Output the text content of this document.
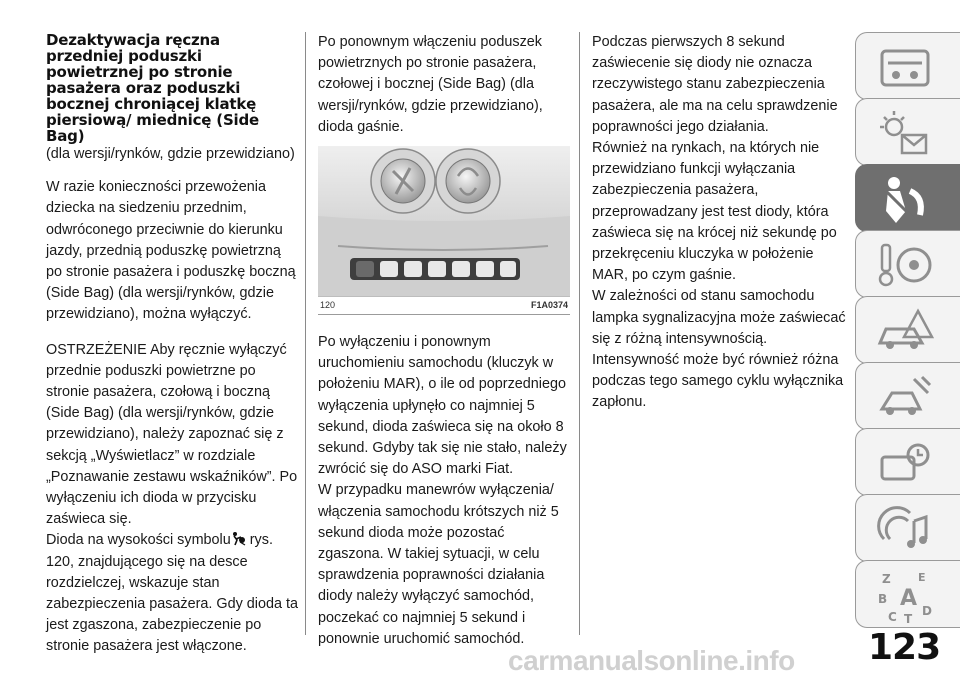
Dezaktywacja ręczna przedniej poduszki powietrznej po stronie pasażera oraz poduszki bocznej chroniącej klatkę piersiową/ miednicę (Side Bag)

(dla wersji/rynków, gdzie przewidziano)

W razie konieczności przewożenia dziecka na siedzeniu przednim, odwróconego przeciwnie do kierunku jazdy, przednią poduszkę powietrzną po stronie pasażera i poduszkę boczną (Side Bag) (dla wersji/rynków, gdzie przewidziano), można wyłączyć.

OSTRZEŻENIE Aby ręcznie wyłączyć przednie poduszki powietrzne po stronie pasażera, czołową i boczną (Side Bag) (dla wersji/rynków, gdzie przewidziano), należy zapoznać się z sekcją „Wyświetlacz” w rozdziale „Poznawanie zestawu wskaźników”. Po wyłączeniu ich dioda w przycisku zaświeca się.

Dioda na wysokości symbolu rys. 120, znajdującego się na desce rozdzielczej, wskazuje stan zabezpieczenia pasażera. Gdy dioda ta jest zgaszona, zabezpieczenie po stronie pasażera jest włączone.

Po ponownym włączeniu poduszek powietrznych po stronie pasażera, czołowej i bocznej (Side Bag) (dla wersji/rynków, gdzie przewidziano), dioda gaśnie.

120	F1A0374

Po wyłączeniu i ponownym uruchomieniu samochodu (kluczyk w położeniu MAR), o ile od poprzedniego wyłączenia upłynęło co najmniej 5 sekund, dioda zaświeca się na około 8 sekund. Gdyby tak się nie stało, należy zwrócić się do ASO marki Fiat.

W przypadku manewrów wyłączenia/ włączenia samochodu krótszych niż 5 sekund dioda może pozostać zgaszona. W takiej sytuacji, w celu sprawdzenia poprawności działania diody należy wyłączyć samochód, poczekać co najmniej 5 sekund i ponownie uruchomić samochód.

Podczas pierwszych 8 sekund zaświecenie się diody nie oznacza rzeczywistego stanu zabezpieczenia pasażera, ale ma na celu sprawdzenie poprawności jego działania.

Również na rynkach, na których nie przewidziano funkcji wyłączania zabezpieczenia pasażera, przeprowadzany jest test diody, która zaświeca się na krócej niż sekundę po przekręceniu kluczyka w położenie MAR, po czym gaśnie.

W zależności od stanu samochodu lampka sygnalizacyjna może zaświecać się z różną intensywnością. Intensywność może być również różna podczas tego samego cyklu wyłącznika zapłonu.

Z E
B A
C T
D
carmanualsonline.info 123
